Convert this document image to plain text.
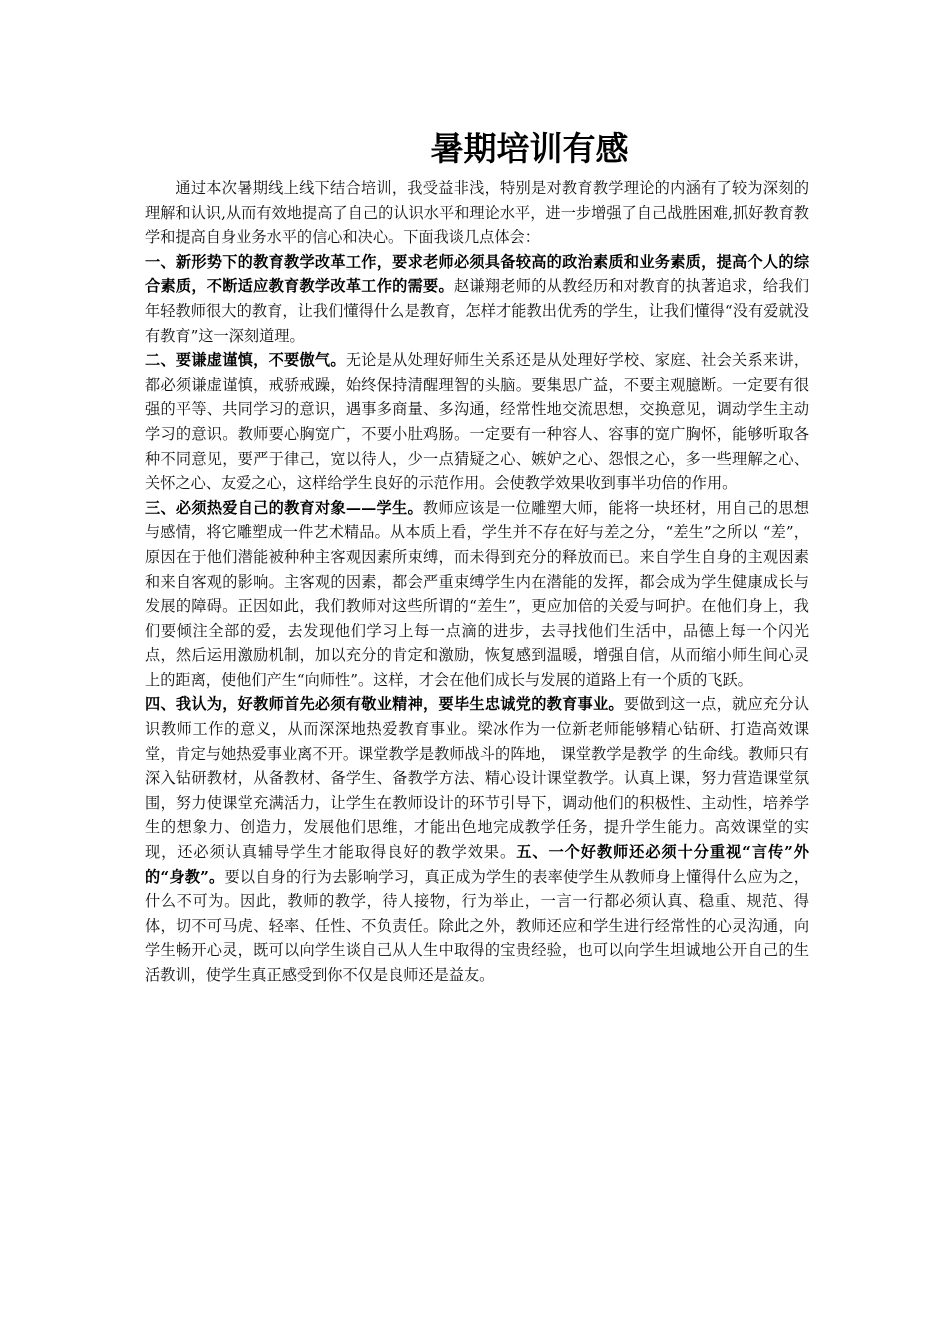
暑期培训有感

通过本次暑期线上线下结合培训，我受益非浅，特别是对教育教学理论的内涵有了较为深刻的理解和认识,从而有效地提高了自己的认识水平和理论水平，进一步增强了自己战胜困难,抓好教育教学和提高自身业务水平的信心和决心。下面我谈几点体会：

一、新形势下的教育教学改革工作，要求老师必须具备较高的政治素质和业务素质，提高个人的综合素质，不断适应教育教学改革工作的需要。赵谦翔老师的从教经历和对教育的执著追求，给我们年轻教师很大的教育，让我们懂得什么是教育，怎样才能教出优秀的学生，让我们懂得“没有爱就没有教育”这一深刻道理。

二、要谦虚谨慎，不要傲气。无论是从处理好师生关系还是从处理好学校、家庭、社会关系来讲，都必须谦虚谨慎，戒骄戒躁，始终保持清醒理智的头脑。要集思广益，不要主观臆断。一定要有很强的平等、共同学习的意识，遇事多商量、多沟通，经常性地交流思想，交换意见，调动学生主动学习的意识。教师要心胸宽广，不要小肚鸡肠。一定要有一种容人、容事的宽广胸怀，能够听取各种不同意见，要严于律己，宽以待人，少一点猜疑之心、嫉妒之心、怨恨之心，多一些理解之心、关怀之心、友爱之心，这样给学生良好的示范作用。会使教学效果收到事半功倍的作用。

三、必须热爱自己的教育对象——学生。教师应该是一位雕塑大师，能将一块坯材，用自己的思想与感情，将它雕塑成一件艺术精品。从本质上看，学生并不存在好与差之分，“差生”之所以 “差”，原因在于他们潜能被种种主客观因素所束缚，而未得到充分的释放而已。来自学生自身的主观因素和来自客观的影响。主客观的因素，都会严重束缚学生内在潜能的发挥，都会成为学生健康成长与发展的障碍。正因如此，我们教师对这些所谓的“差生”，更应加倍的关爱与呵护。在他们身上，我们要倾注全部的爱，去发现他们学习上每一点滴的进步，去寻找他们生活中，品德上每一个闪光点，然后运用激励机制，加以充分的肯定和激励，恢复感到温暖，增强自信，从而缩小师生间心灵上的距离，使他们产生“向师性”。这样，才会在他们成长与发展的道路上有一个质的飞跃。

四、我认为，好教师首先必须有敬业精神，要毕生忠诚党的教育事业。要做到这一点，就应充分认识教师工作的意义，从而深深地热爱教育事业。梁冰作为一位新老师能够精心钻研、打造高效课堂，肯定与她热爱事业离不开。课堂教学是教师战斗的阵地， 课堂教学是教学 的生命线。教师只有深入钻研教材，从备教材、备学生、备教学方法、精心设计课堂教学。认真上课，努力营造课堂氛围，努力使课堂充满活力，让学生在教师设计的环节引导下，调动他们的积极性、主动性，培养学生的想象力、创造力，发展他们思维，才能出色地完成教学任务，提升学生能力。高效课堂的实现，还必须认真辅导学生才能取得良好的教学效果。五、一个好教师还必须十分重视“言传”外的“身教”。要以自身的行为去影响学习，真正成为学生的表率使学生从教师身上懂得什么应为之，什么不可为。因此，教师的教学，待人接物，行为举止，一言一行都必须认真、稳重、规范、得体，切不可马虎、轻率、任性、不负责任。除此之外，教师还应和学生进行经常性的心灵沟通，向学生畅开心灵，既可以向学生谈自己从人生中取得的宝贵经验，也可以向学生坦诚地公开自己的生活教训，使学生真正感受到你不仅是良师还是益友。
